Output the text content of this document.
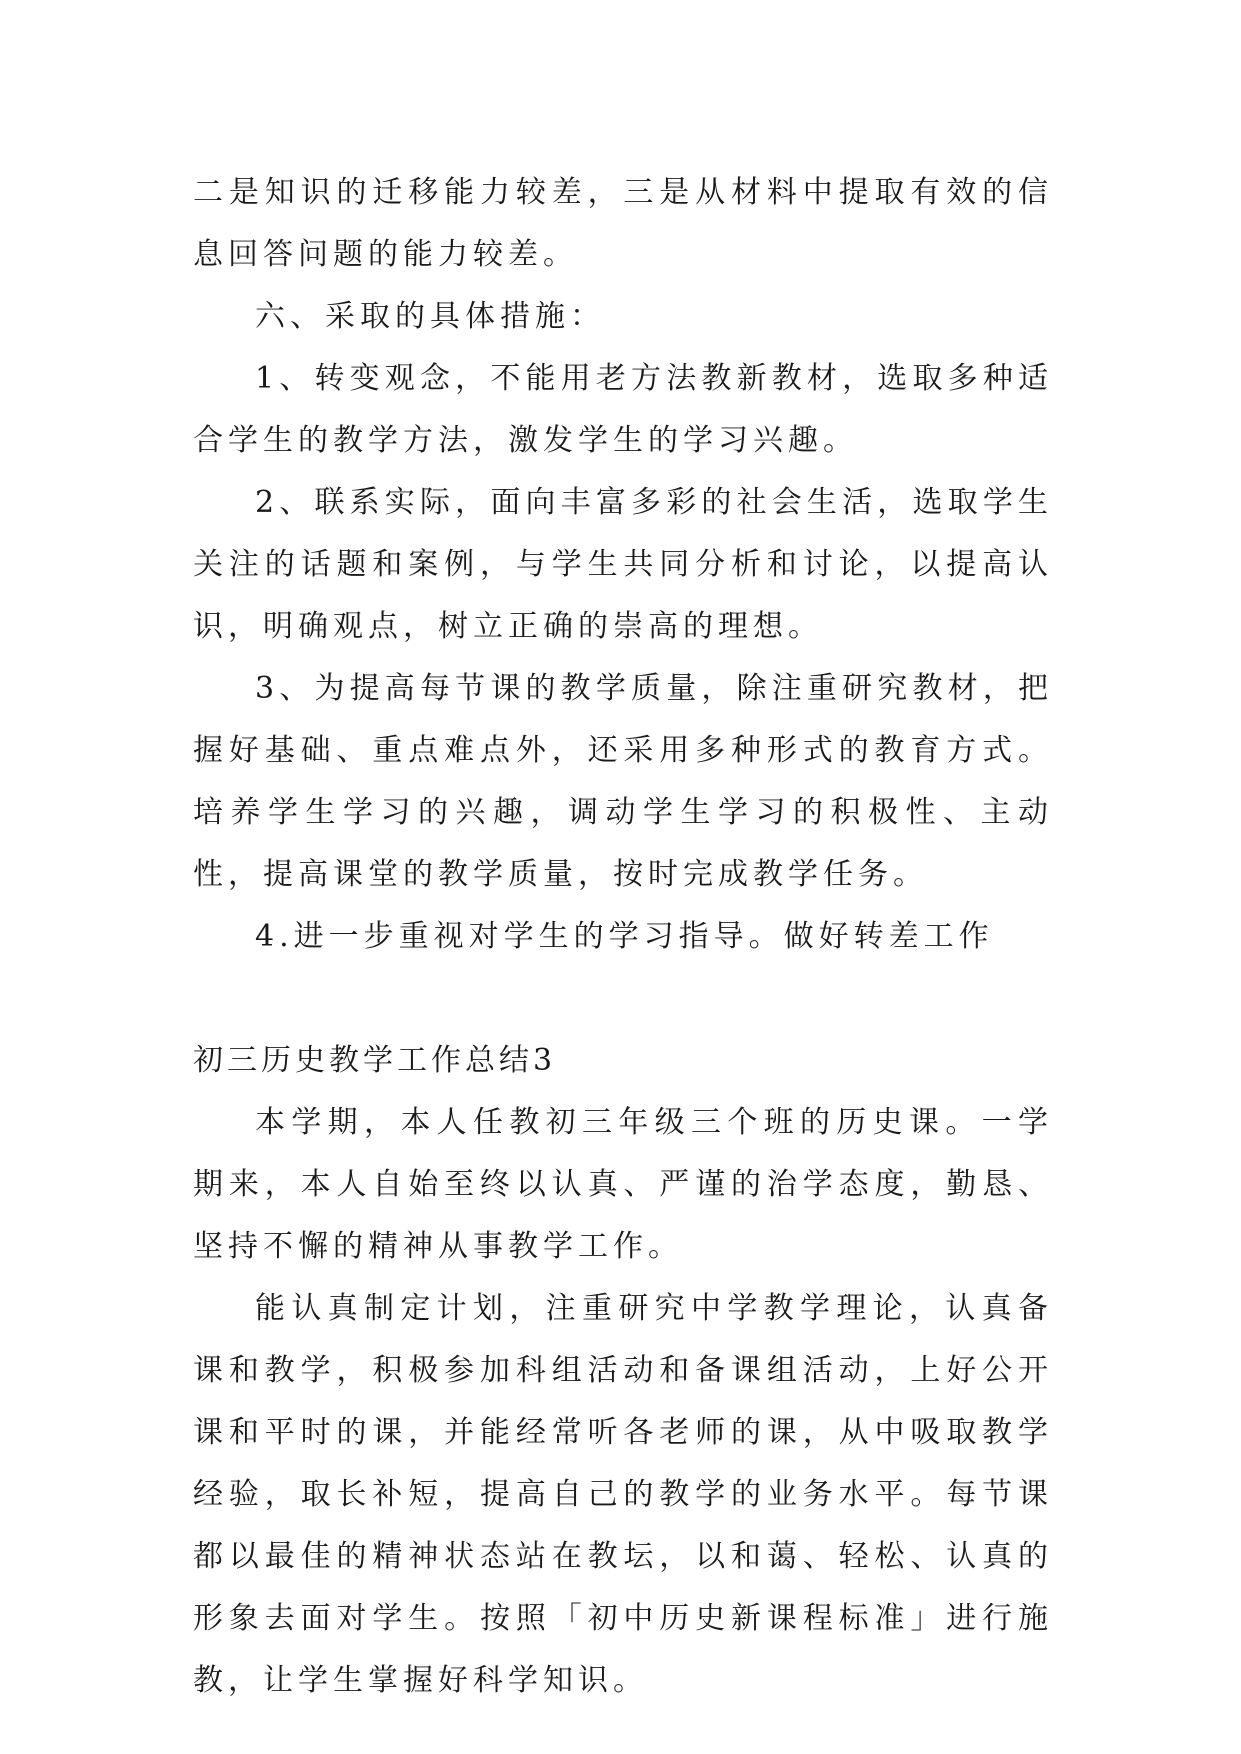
二是知识的迁移能力较差，三是从材料中提取有效的信息回答问题的能力较差。

六、采取的具体措施：

1、转变观念，不能用老方法教新教材，选取多种适合学生的教学方法，激发学生的学习兴趣。

2、联系实际，面向丰富多彩的社会生活，选取学生关注的话题和案例，与学生共同分析和讨论，以提高认识，明确观点，树立正确的崇高的理想。

3、为提高每节课的教学质量，除注重研究教材，把握好基础、重点难点外，还采用多种形式的教育方式。培养学生学习的兴趣，调动学生学习的积极性、主动性，提高课堂的教学质量，按时完成教学任务。

4.进一步重视对学生的学习指导。做好转差工作

初三历史教学工作总结3

本学期，本人任教初三年级三个班的历史课。一学期来，本人自始至终以认真、严谨的治学态度，勤恳、坚持不懈的精神从事教学工作。

能认真制定计划，注重研究中学教学理论，认真备课和教学，积极参加科组活动和备课组活动，上好公开课和平时的课，并能经常听各老师的课，从中吸取教学经验，取长补短，提高自己的教学的业务水平。每节课都以最佳的精神状态站在教坛，以和蔼、轻松、认真的形象去面对学生。按照「初中历史新课程标准」进行施教，让学生掌握好科学知识。
